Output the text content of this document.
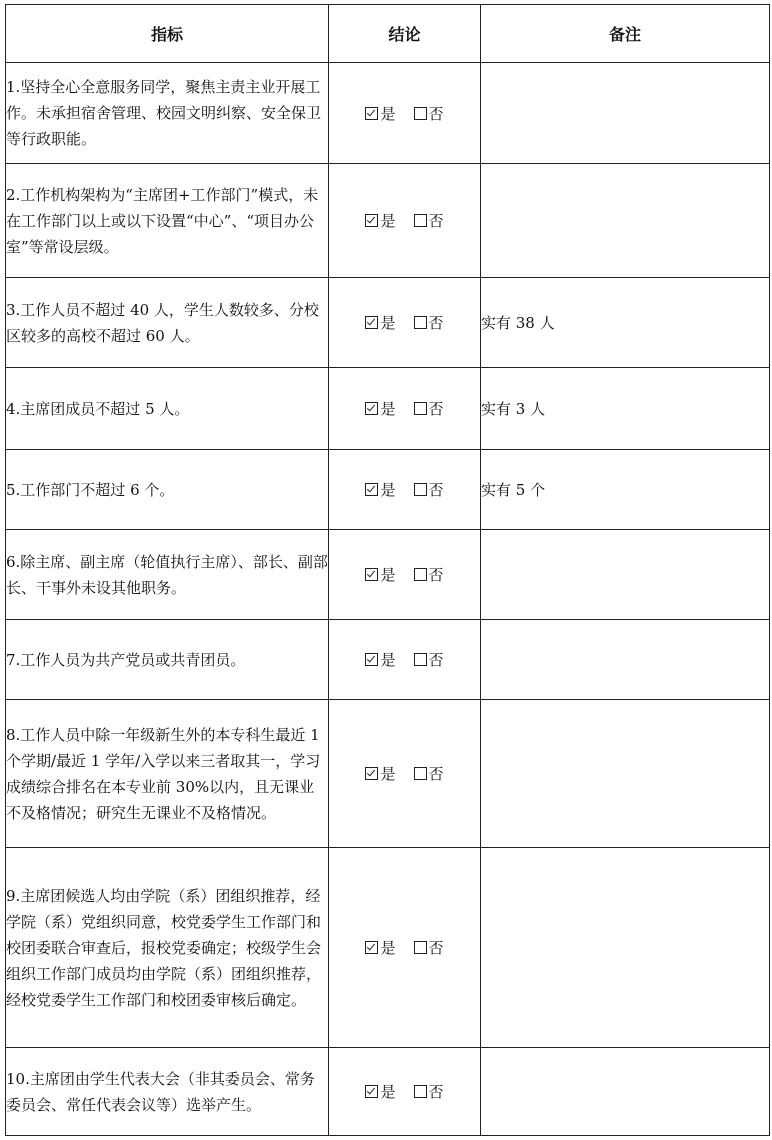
指标	结论	备注
1.坚持全心全意服务同学，聚焦主责主业开展工作。未承担宿舍管理、校园文明纠察、安全保卫等行政职能。	是 否	
2.工作机构架构为“主席团+工作部门”模式，未在工作部门以上或以下设置“中心”、“项目办公室”等常设层级。	是 否	
3.工作人员不超过 40 人，学生人数较多、分校区较多的高校不超过 60 人。	是 否	实有 38 人
4.主席团成员不超过 5 人。	是 否	实有 3 人
5.工作部门不超过 6 个。	是 否	实有 5 个
6.除主席、副主席（轮值执行主席）、部长、副部长、干事外未设其他职务。	是 否	
7.工作人员为共产党员或共青团员。	是 否	
8.工作人员中除一年级新生外的本专科生最近 1 个学期/最近 1 学年/入学以来三者取其一，学习成绩综合排名在本专业前 30%以内，且无课业不及格情况；研究生无课业不及格情况。	是 否	
9.主席团候选人均由学院（系）团组织推荐，经学院（系）党组织同意，校党委学生工作部门和校团委联合审查后，报校党委确定；校级学生会组织工作部门成员均由学院（系）团组织推荐，经校党委学生工作部门和校团委审核后确定。	是 否	
10.主席团由学生代表大会（非其委员会、常务委员会、常任代表会议等）选举产生。	是 否	
